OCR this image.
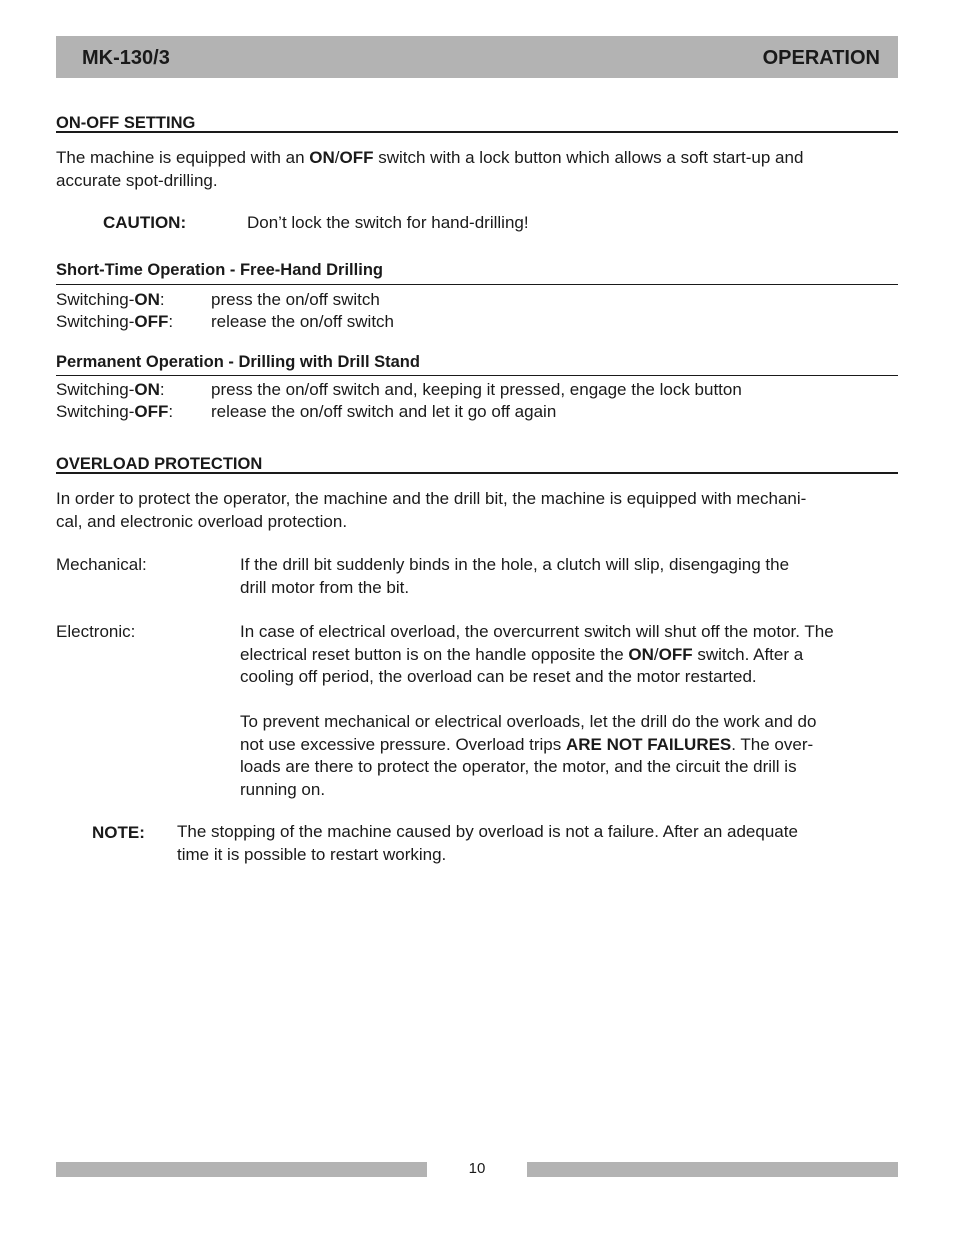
MK-130/3	OPERATION
ON-OFF SETTING
The machine is equipped with an ON/OFF switch with a lock button which allows a soft start-up and
accurate spot-drilling.
CAUTION:	Don’t lock the switch for hand-drilling!
Short-Time Operation - Free-Hand Drilling
Switching-ON:	press the on/off switch
Switching-OFF: release the on/off switch
Permanent Operation - Drilling with Drill Stand
Switching-ON:	press the on/off switch and, keeping it pressed, engage the lock button
Switching-OFF: release the on/off switch and let it go off again
OVERLOAD PROTECTION
In order to protect the operator, the machine and the drill bit, the machine is equipped with mechani-
cal, and electronic overload protection.
Mechanical:	If the drill bit suddenly binds in the hole, a clutch will slip, disengaging the
drill motor from the bit.
Electronic:	In case of electrical overload, the overcurrent switch will shut off the motor. The
electrical reset button is on the handle opposite the ON/OFF switch. After a
cooling off period, the overload can be reset and the motor restarted.
To prevent mechanical or electrical overloads, let the drill do the work and do
not use excessive pressure. Overload trips ARE NOT FAILURES. The over-
loads are there to protect the operator, the motor, and the circuit the drill is
running on.
NOTE: The stopping of the machine caused by overload is not a failure. After an adequate
time it is possible to restart working.
10
